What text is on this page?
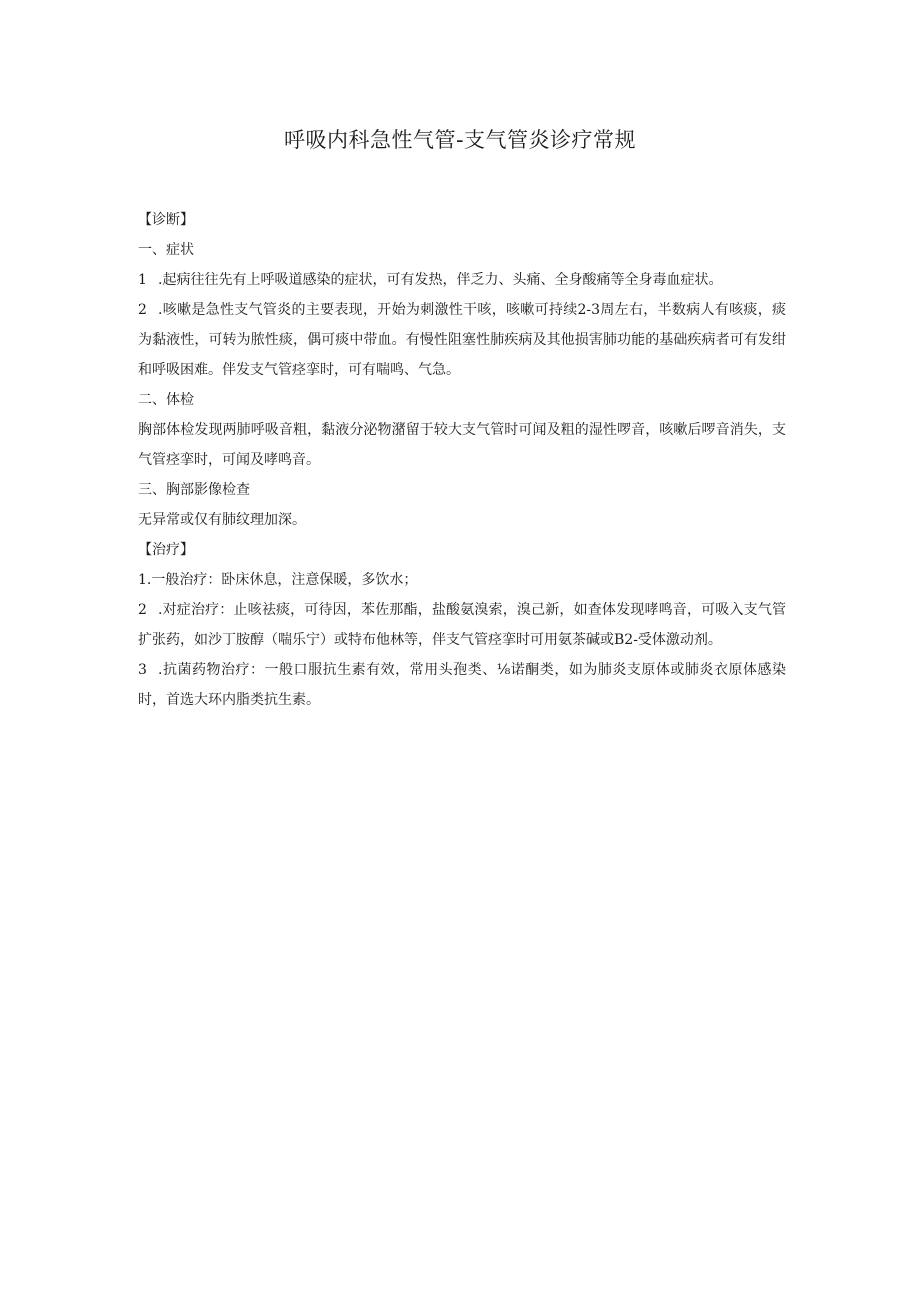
呼吸内科急性气管-支气管炎诊疗常规

【诊断】

一、症状

1 .起病往往先有上呼吸道感染的症状，可有发热，伴乏力、头痛、全身酸痛等全身毒血症状。

2 .咳嗽是急性支气管炎的主要表现，开始为刺激性干咳，咳嗽可持续2-3周左右，半数病人有咳痰，痰为黏液性，可转为脓性痰，偶可痰中带血。有慢性阻塞性肺疾病及其他损害肺功能的基础疾病者可有发绀和呼吸困难。伴发支气管痉挛时，可有喘鸣、气急。

二、体检

胸部体检发现两肺呼吸音粗，黏液分泌物潴留于较大支气管时可闻及粗的湿性啰音，咳嗽后啰音消失，支气管痉挛时，可闻及哮鸣音。

三、胸部影像检查

无异常或仅有肺纹理加深。

【治疗】

1.一般治疗：卧床休息，注意保暖，多饮水；

2 .对症治疗：止咳祛痰，可待因，苯佐那酯，盐酸氨溴索，溴己新，如查体发现哮鸣音，可吸入支气管扩张药，如沙丁胺醇（喘乐宁）或特布他林等，伴支气管痉挛时可用氨茶碱或B2-受体激动剂。

3 .抗菌药物治疗：一般口服抗生素有效，常用头孢类、⅛诺酮类，如为肺炎支原体或肺炎衣原体感染时，首选大环内脂类抗生素。
